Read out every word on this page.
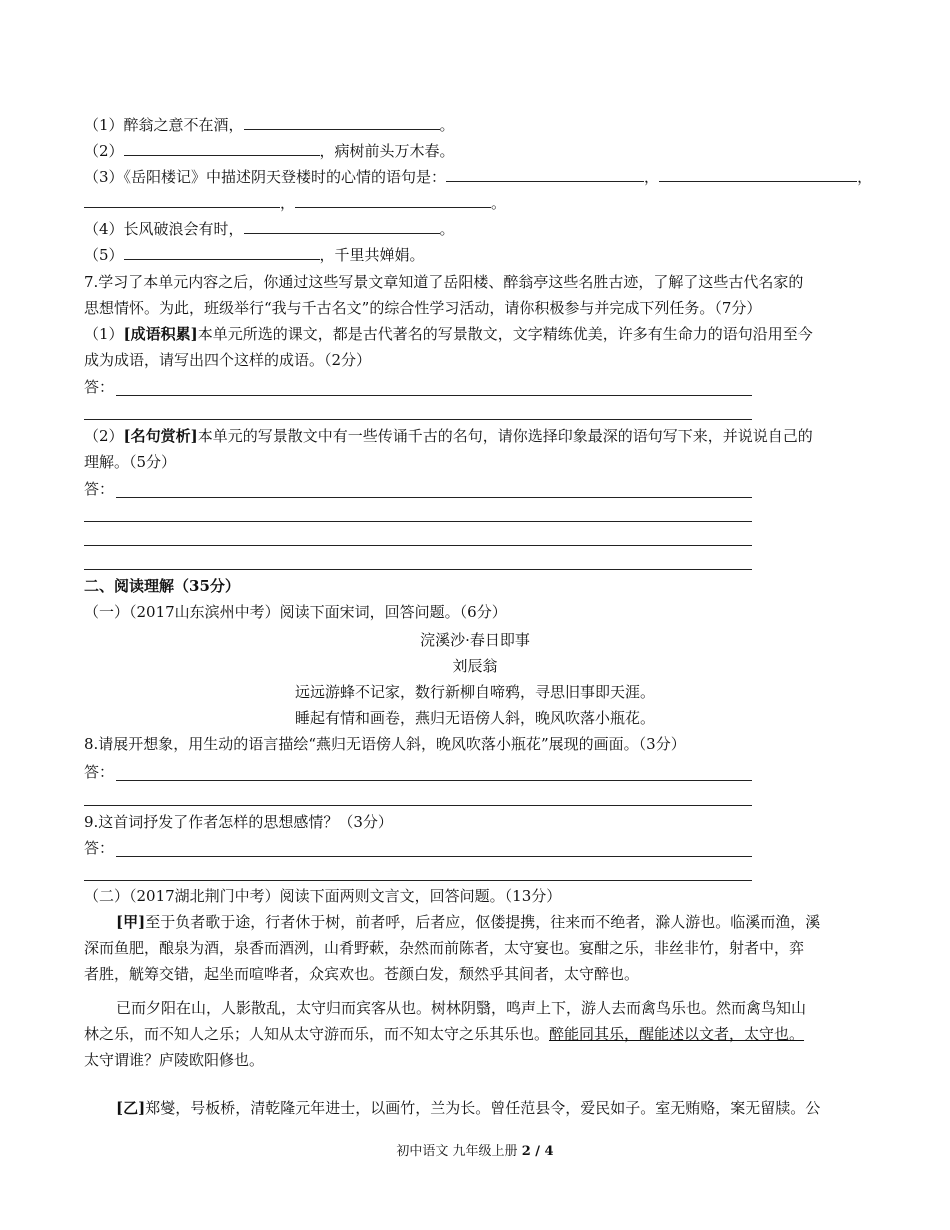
（1）醉翁之意不在酒，	。
（2）	，病树前头万木春。
（3）《岳阳楼记》中描述阴天登楼时的心情的语句是：	，	，
，	。
（4）长风破浪会有时，	。
（5）	，千里共婵娟。
7.学习了本单元内容之后，你通过这些写景文章知道了岳阳楼、醉翁亭这些名胜古迹，了解了这些古代名家的
思想情怀。为此，班级举行“我与千古名文”的综合性学习活动，请你积极参与并完成下列任务。（7分）
（1）[成语积累]本单元所选的课文，都是古代著名的写景散文，文字精练优美，许多有生命力的语句沿用至今
成为成语，请写出四个这样的成语。（2分）
答：
（2）[名句赏析]本单元的写景散文中有一些传诵千古的名句，请你选择印象最深的语句写下来，并说说自己的
理解。（5分）
答：
二、阅读理解（35分）
（一）（2017山东滨州中考）阅读下面宋词，回答问题。（6分）
浣溪沙·春日即事
刘辰翁
远远游蜂不记家，数行新柳自啼鸦，寻思旧事即天涯。
睡起有情和画卷，燕归无语傍人斜，晚风吹落小瓶花。
8.请展开想象，用生动的语言描绘“燕归无语傍人斜，晚风吹落小瓶花”展现的画面。（3分）
答：
9.这首词抒发了作者怎样的思想感情？（3分）
答：
（二）（2017湖北荆门中考）阅读下面两则文言文，回答问题。（13分）
[甲]至于负者歌于途，行者休于树，前者呼，后者应，伛偻提携，往来而不绝者，滁人游也。临溪而渔，溪
深而鱼肥，酿泉为酒，泉香而酒洌，山肴野蔌，杂然而前陈者，太守宴也。宴酣之乐，非丝非竹，射者中，弈
者胜，觥筹交错，起坐而喧哗者，众宾欢也。苍颜白发，颓然乎其间者，太守醉也。
已而夕阳在山，人影散乱，太守归而宾客从也。树林阴翳，鸣声上下，游人去而禽鸟乐也。然而禽鸟知山
林之乐，而不知人之乐；人知从太守游而乐，而不知太守之乐其乐也。醉能同其乐，醒能述以文者，太守也。
太守谓谁？庐陵欧阳修也。
[乙]郑燮，号板桥，清乾隆元年进士，以画竹，兰为长。曾任范县令，爱民如子。室无贿赂，案无留牍。公
初中语文 九年级上册 2 / 4
